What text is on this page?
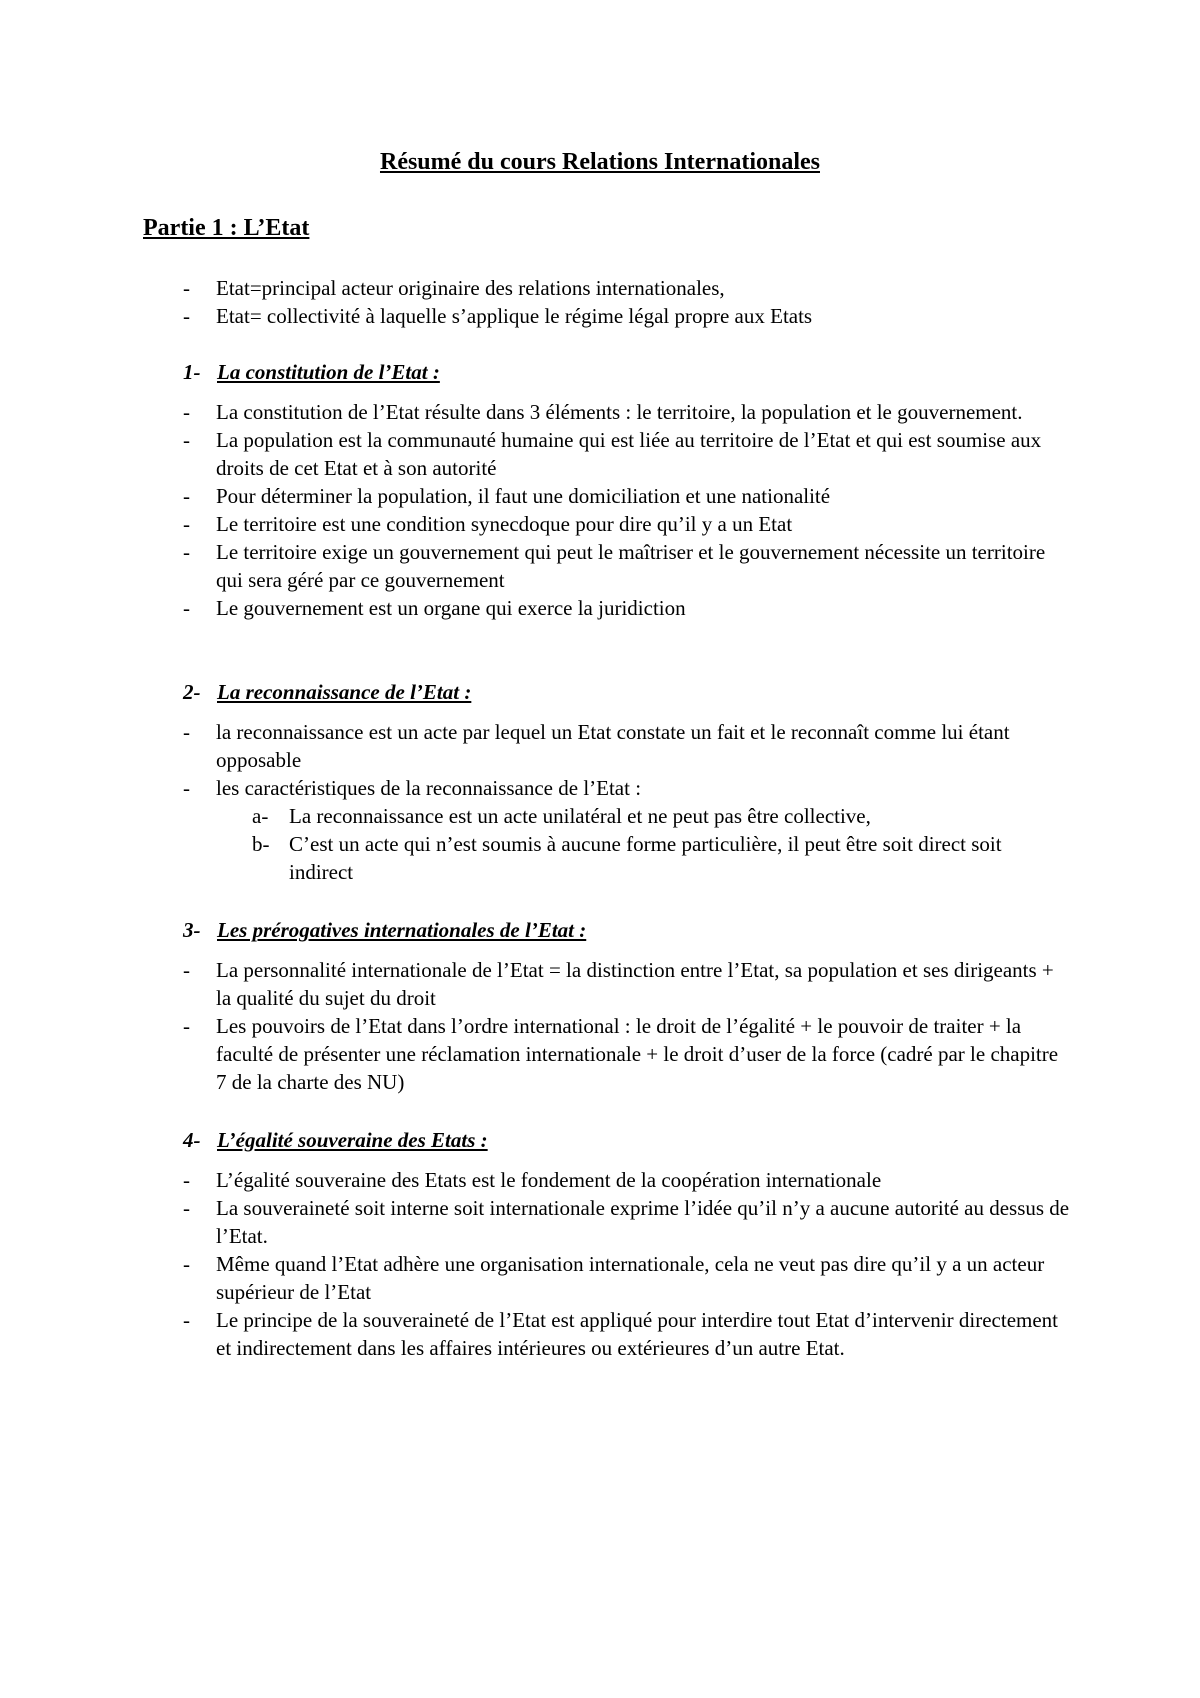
Résumé du cours Relations Internationales
Partie 1 : L’Etat
- Etat=principal acteur originaire des relations internationales,
- Etat= collectivité à laquelle s’applique le régime légal propre aux Etats
1- La constitution de l’Etat :
- La constitution de l’Etat résulte dans 3 éléments : le territoire, la population et le gouvernement.
- La population est la communauté humaine qui est liée au territoire de l’Etat et qui est soumise aux droits de cet Etat et à son autorité
- Pour déterminer la population, il faut une domiciliation et une nationalité
- Le territoire est une condition synecdoque pour dire qu’il y a un Etat
- Le territoire exige un gouvernement qui peut le maîtriser et le gouvernement nécessite un territoire qui sera géré par ce gouvernement
- Le gouvernement est un organe qui exerce la juridiction
2- La reconnaissance de l’Etat :
- la reconnaissance est un acte par lequel un Etat constate un fait et le reconnaît comme lui étant opposable
- les caractéristiques de la reconnaissance de l’Etat :
a- La reconnaissance est un acte unilatéral et ne peut pas être collective,
b- C’est un acte qui n’est soumis à aucune forme particulière, il peut être soit direct soit indirect
3- Les prérogatives internationales de l’Etat :
- La personnalité internationale de l’Etat = la distinction entre l’Etat, sa population et ses dirigeants + la qualité du sujet du droit
- Les pouvoirs de l’Etat dans l’ordre international : le droit de l’égalité + le pouvoir de traiter + la faculté de présenter une réclamation internationale + le droit d’user de la force (cadré par le chapitre 7 de la charte des NU)
4- L’égalité souveraine des Etats :
- L’égalité souveraine des Etats est le fondement de la coopération internationale
- La souveraineté soit interne soit internationale exprime l’idée qu’il n’y a aucune autorité au dessus de l’Etat.
- Même quand l’Etat adhère une organisation internationale, cela ne veut pas dire qu’il y a un acteur supérieur de l’Etat
- Le principe de la souveraineté de l’Etat est appliqué pour interdire tout Etat d’intervenir directement et indirectement dans les affaires intérieures ou extérieures d’un autre Etat.
